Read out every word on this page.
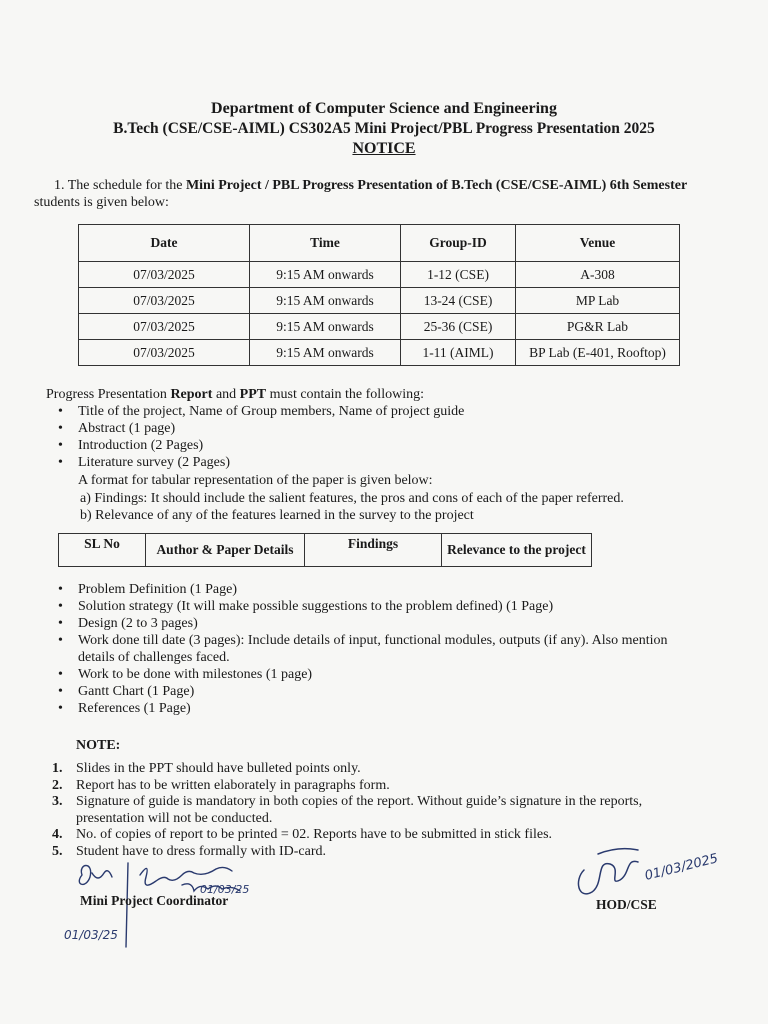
Department of Computer Science and Engineering
B.Tech (CSE/CSE-AIML) CS302A5 Mini Project/PBL Progress Presentation 2025
NOTICE
1. The schedule for the Mini Project / PBL Progress Presentation of B.Tech (CSE/CSE-AIML) 6th Semester students is given below:
Date	Time	Group-ID	Venue
07/03/2025	9:15 AM onwards	1-12 (CSE)	A-308
07/03/2025	9:15 AM onwards	13-24 (CSE)	MP Lab
07/03/2025	9:15 AM onwards	25-36 (CSE)	PG&R Lab
07/03/2025	9:15 AM onwards	1-11 (AIML)	BP Lab (E-401, Rooftop)
Progress Presentation Report and PPT must contain the following:
• Title of the project, Name of Group members, Name of project guide
• Abstract (1 page)
• Introduction (2 Pages)
• Literature survey (2 Pages)
A format for tabular representation of the paper is given below:
a) Findings: It should include the salient features, the pros and cons of each of the paper referred.
b) Relevance of any of the features learned in the survey to the project
SL No	Author & Paper Details	Findings	Relevance to the project
• Problem Definition (1 Page)
• Solution strategy (It will make possible suggestions to the problem defined) (1 Page)
• Design (2 to 3 pages)
• Work done till date (3 pages): Include details of input, functional modules, outputs (if any). Also mention details of challenges faced.
• Work to be done with milestones (1 page)
• Gantt Chart (1 Page)
• References (1 Page)
NOTE:
1. Slides in the PPT should have bulleted points only.
2. Report has to be written elaborately in paragraphs form.
3. Signature of guide is mandatory in both copies of the report. Without guide’s signature in the reports, presentation will not be conducted.
4. No. of copies of report to be printed = 02. Reports have to be submitted in stick files.
5. Student have to dress formally with ID-card.
01/03/25
01/03/25
Mini Project Coordinator
01/03/2025
HOD/CSE
